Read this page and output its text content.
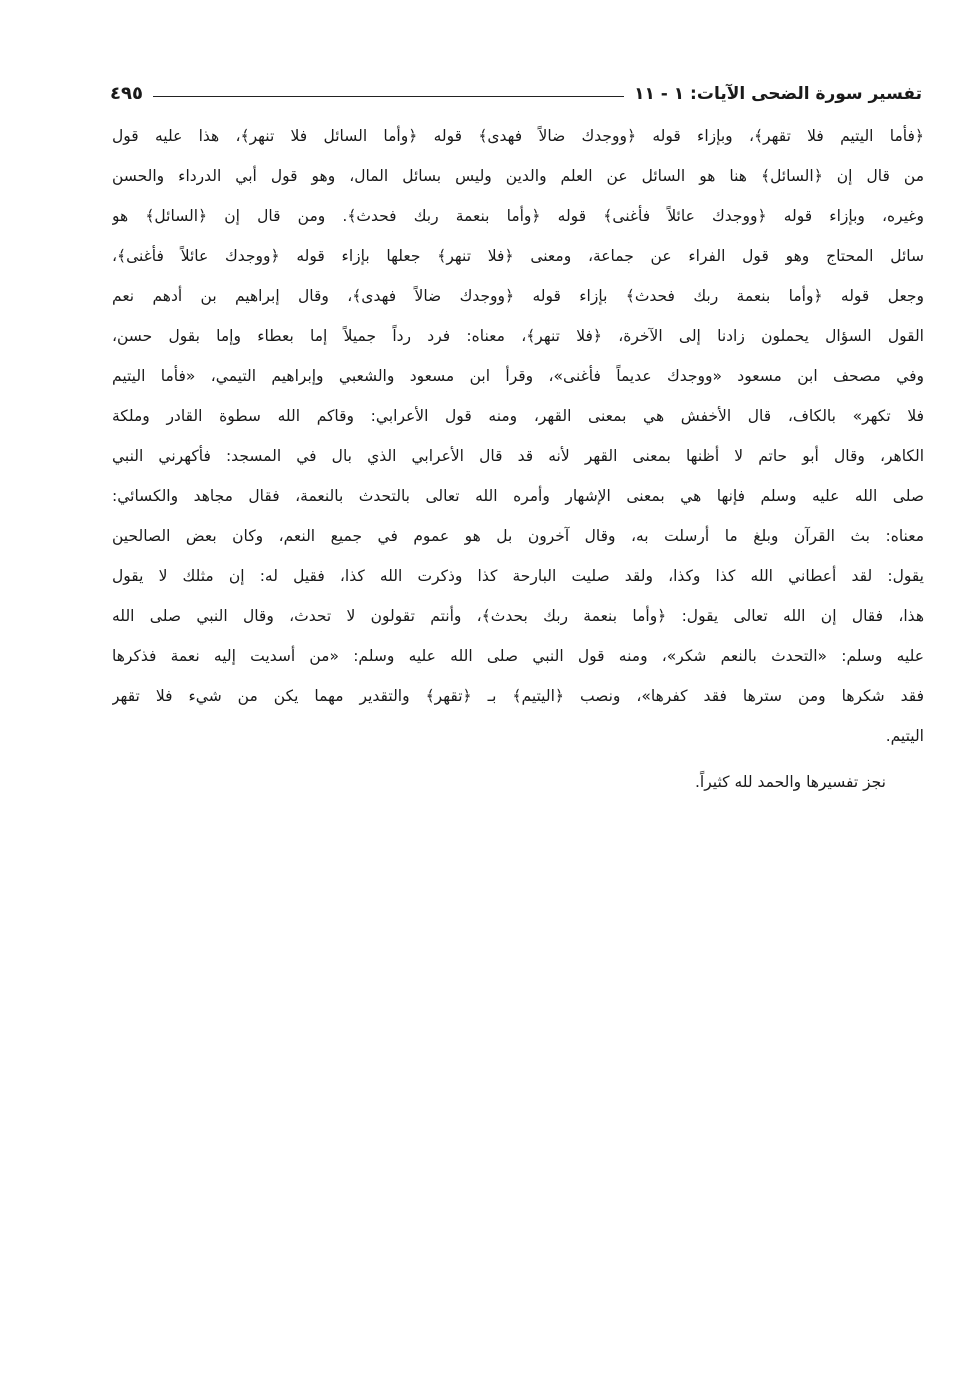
تفسير سورة الضحى الآيات: ١ - ١١
٤٩٥
﴿فأما اليتيم فلا تقهر﴾، وبإزاء قوله ﴿ووجدك ضالاً فهدى﴾ قوله ﴿وأما السائل فلا تنهر﴾، هذا عليه قول
من قال إن ﴿السائل﴾ هنا هو السائل عن العلم والدين وليس بسائل المال، وهو قول أبي الدرداء والحسن
وغيره، وبإزاء قوله ﴿ووجدك عائلاً فأغنى﴾ قوله ﴿وأما بنعمة ربك فحدث﴾. ومن قال إن ﴿السائل﴾ هو
سائل المحتاج وهو قول الفراء عن جماعة، ومعنى ﴿فلا تنهر﴾ جعلها بإزاء قوله ﴿ووجدك عائلاً فأغنى﴾،
وجعل قوله ﴿وأما بنعمة ربك فحدث﴾ بإزاء قوله ﴿ووجدك ضالاً فهدى﴾، وقال إبراهيم بن أدهم نعم
القول السؤال يحملون زادنا إلى الآخرة، ﴿فلا تنهر﴾، معناه: فرد رداً جميلاً إما بعطاء وإما بقول حسن،
وفي مصحف ابن مسعود «ووجدك عديماً فأغنى»، وقرأ ابن مسعود والشعبي وإبراهيم التيمي، «فأما اليتيم
فلا تكهر» بالكاف، قال الأخفش هي بمعنى القهر، ومنه قول الأعرابي: وقاكم الله سطوة القادر وملكة
الكاهر، وقال أبو حاتم لا أظنها بمعنى القهر لأنه قد قال الأعرابي الذي بال في المسجد: فأكهرني النبي
صلى الله عليه وسلم فإنها هي بمعنى الإشهار وأمره الله تعالى بالتحدث بالنعمة، فقال مجاهد والكسائي:
معناه: بث القرآن وبلغ ما أرسلت به، وقال آخرون بل هو عموم في جميع النعم، وكان بعض الصالحين
يقول: لقد أعطاني الله كذا وكذا، ولقد صليت البارحة كذا وذكرت الله كذا، فقيل له: إن مثلك لا يقول
هذا، فقال إن الله تعالى يقول: ﴿وأما بنعمة ربك بحدث﴾، وأنتم تقولون لا تحدث، وقال النبي صلى الله
عليه وسلم: «التحدث بالنعم شكر»، ومنه قول النبي صلى الله عليه وسلم: «من أسديت إليه نعمة فذكرها
فقد شكرها ومن سترها فقد كفرها»، ونصب ﴿اليتيم﴾ بـ ﴿تقهر﴾ والتقدير مهما يكن من شيء فلا تقهر
اليتيم.
نجز تفسيرها والحمد لله كثيراً.
